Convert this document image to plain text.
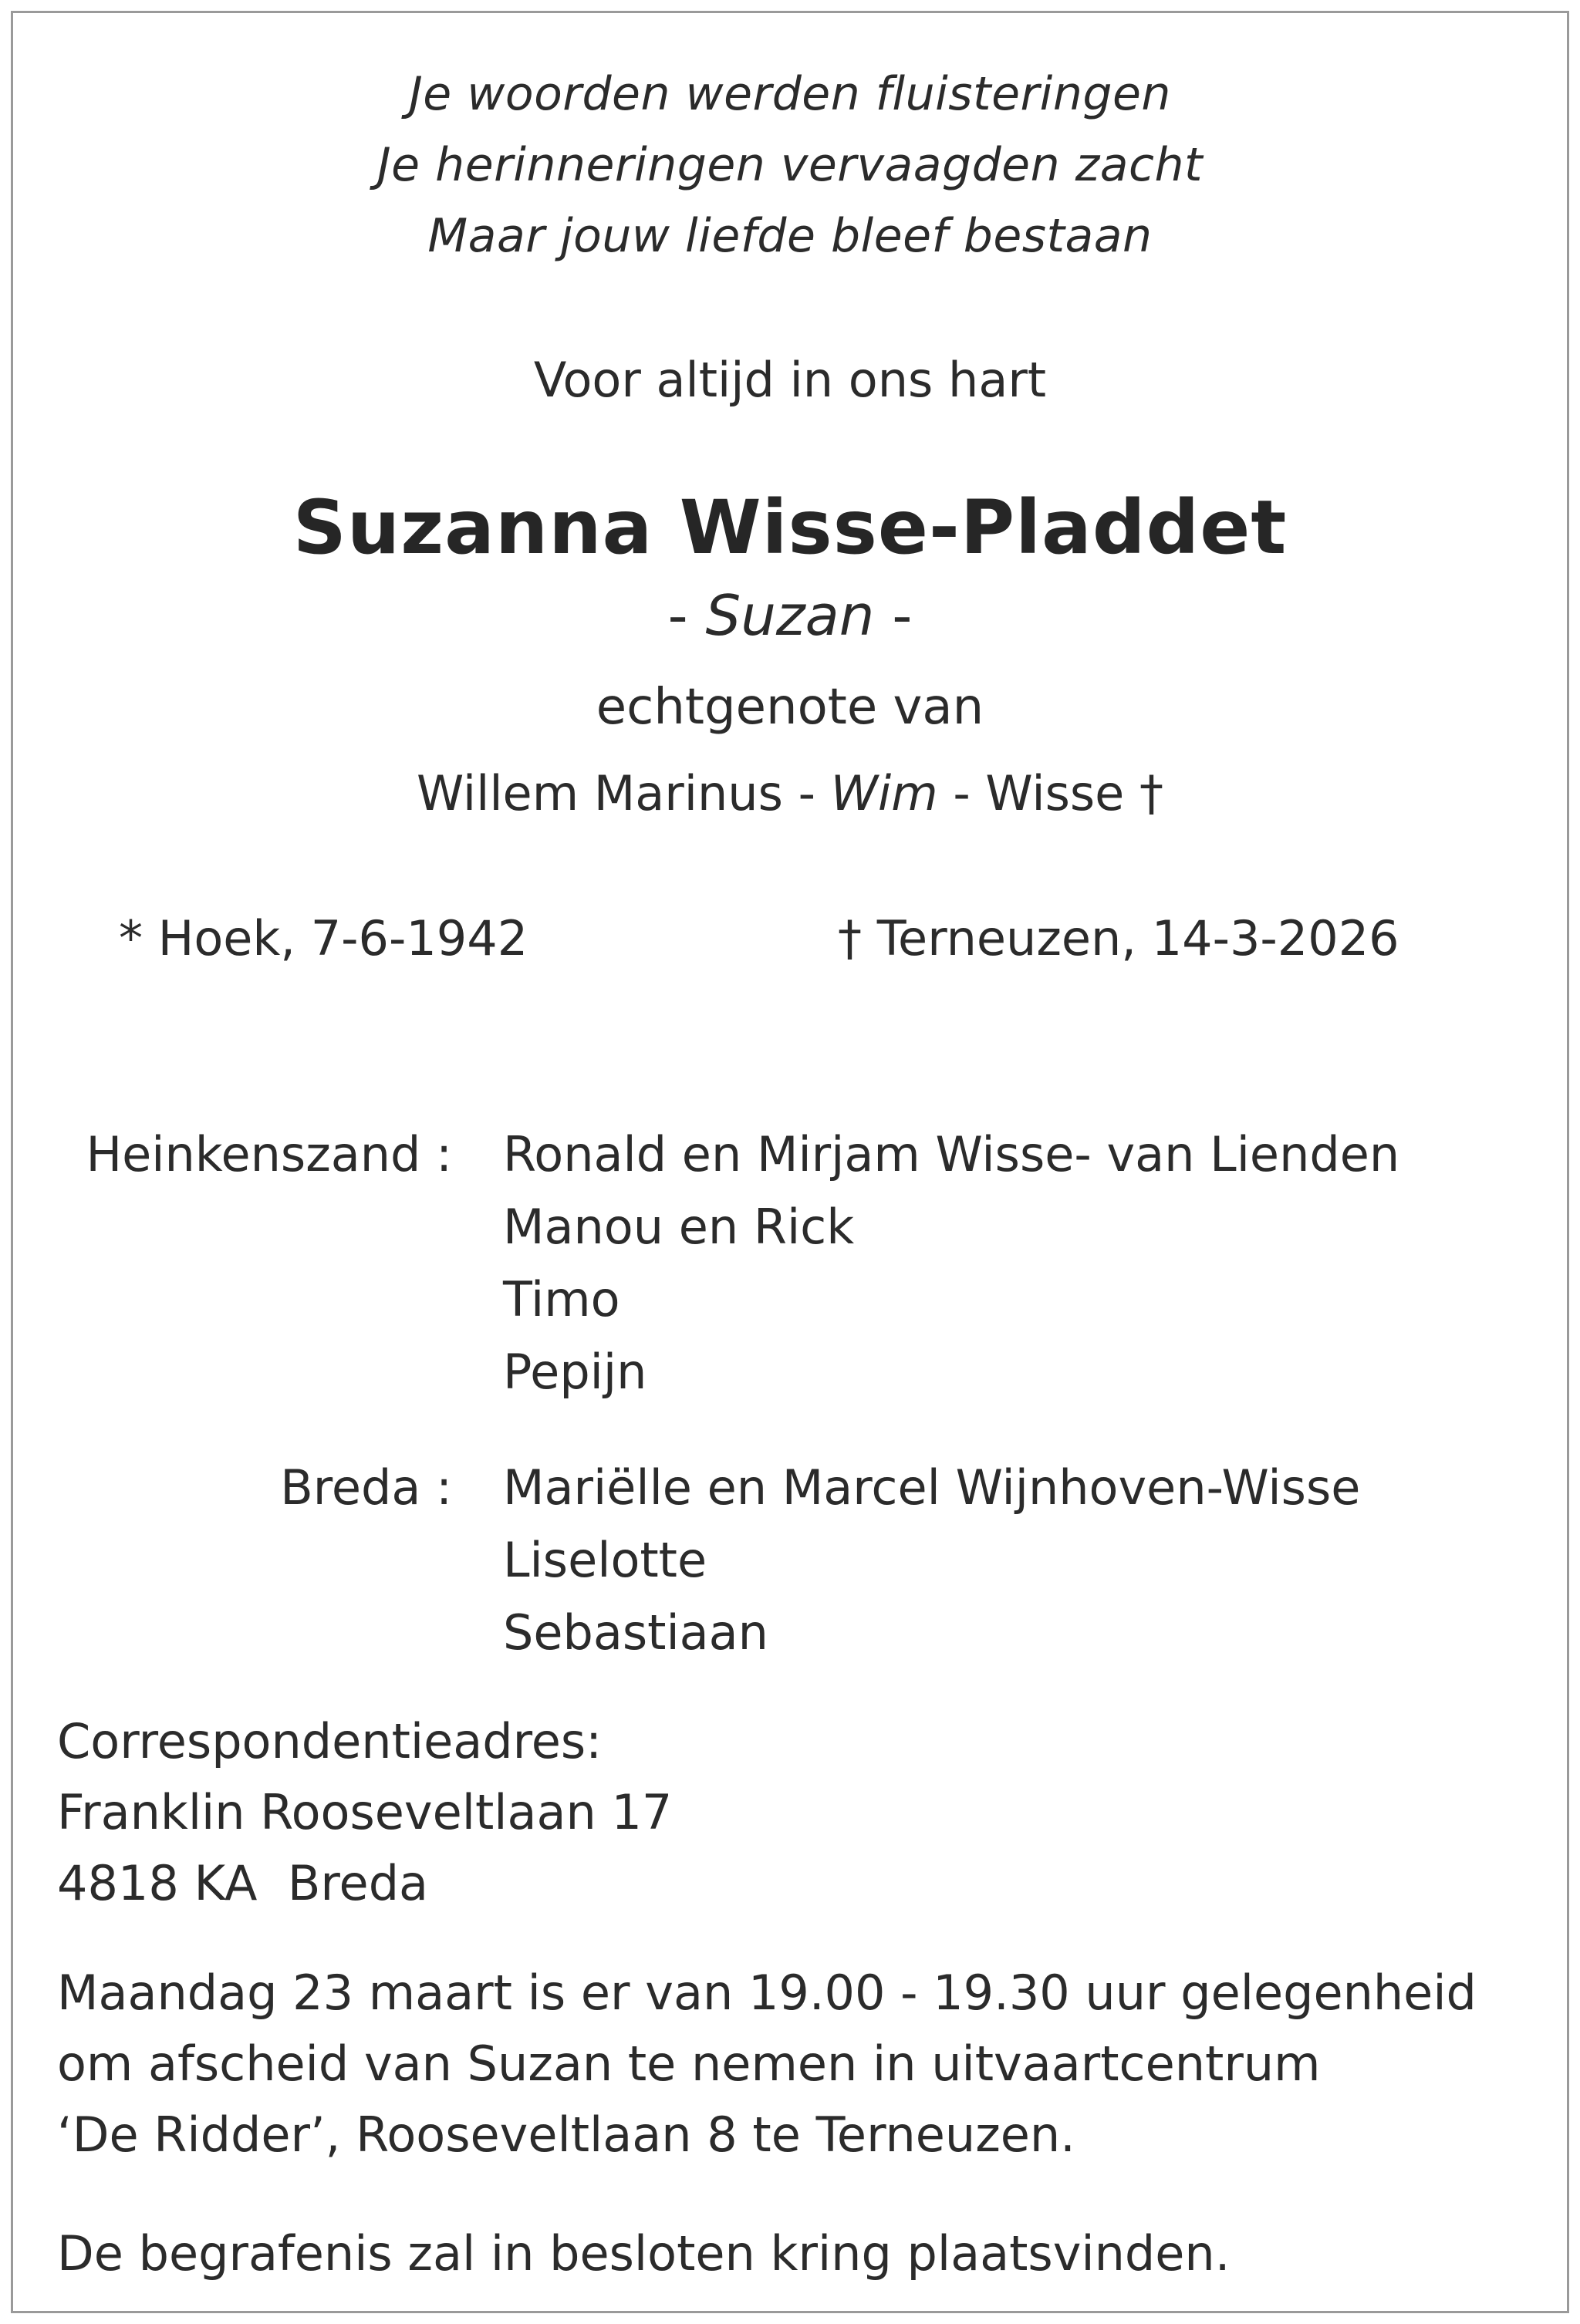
Je woorden werden fluisteringen
Je herinneringen vervaagden zacht
Maar jouw liefde bleef bestaan
Voor altijd in ons hart
Suzanna Wisse-Pladdet
- Suzan -
echtgenote van
Willem Marinus - Wim - Wisse †
* Hoek, 7-6-1942	† Terneuzen, 14-3-2026
Heinkenszand : Ronald en Mirjam Wisse- van Lienden
Manou en Rick
Timo
Pepijn
Breda : Mariëlle en Marcel Wijnhoven-Wisse
Liselotte
Sebastiaan
Correspondentieadres:
Franklin Rooseveltlaan 17
4818 KA  Breda
Maandag 23 maart is er van 19.00 - 19.30 uur gelegenheid
om afscheid van Suzan te nemen in uitvaartcentrum
‘De Ridder’, Rooseveltlaan 8 te Terneuzen.
De begrafenis zal in besloten kring plaatsvinden.
